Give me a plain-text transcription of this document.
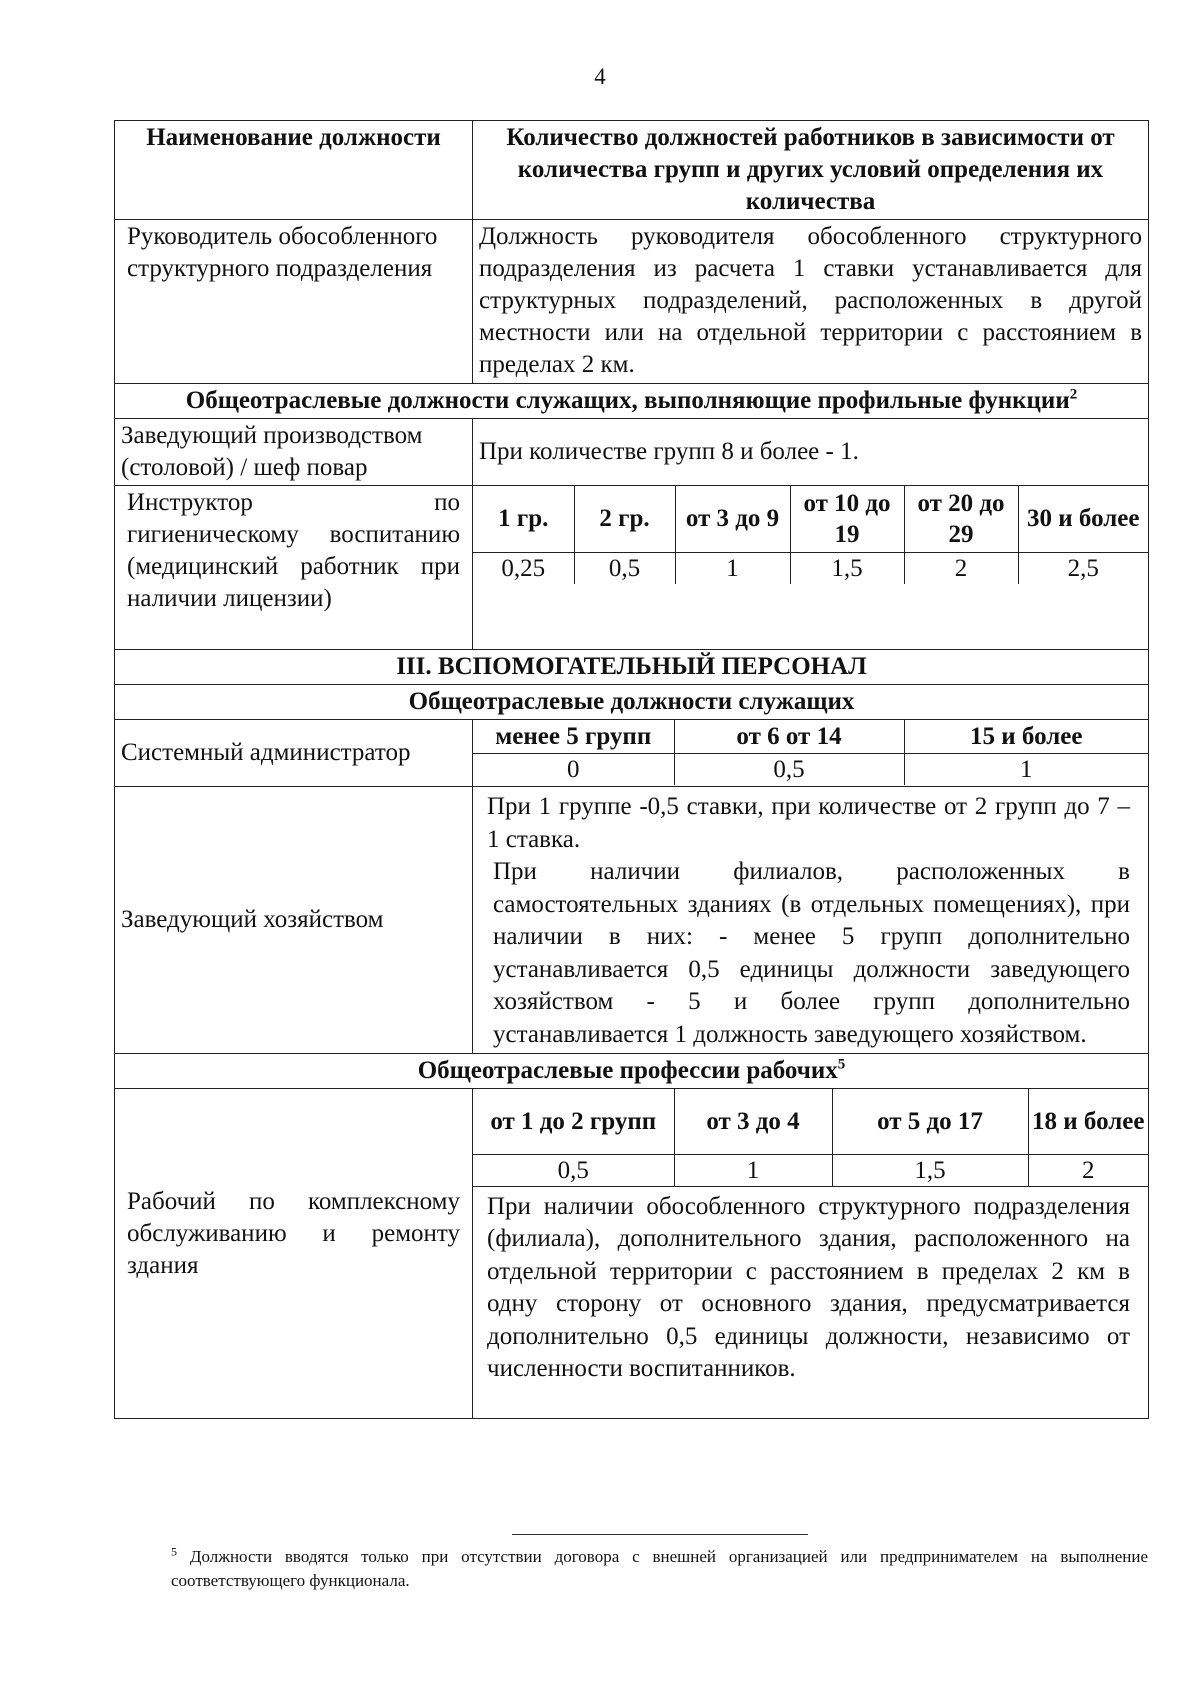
4
Наименование должности	Количество должностей работников в зависимости от количества групп и других условий определения их количества
Руководитель обособленного структурного подразделения	Должность руководителя обособленного структурного подразделения из расчета 1 ставки устанавливается для структурных подразделений, расположенных в другой местности или на отдельной территории с расстоянием в пределах 2 км.
Общеотраслевые должности служащих, выполняющие профильные функции$^2$
Заведующий производством (столовой) / шеф повар	При количестве групп 8 и более - 1.
Инструктор по гигиеническому воспитанию (медицинский работник при наличии лицензии)	
1 гр.	2 гр.	от 3 до 9	от 10 до 19	от 20 до 29	30 и более
0,25	0,5	1	1,5	2	2,5

III. ВСПОМОГАТЕЛЬНЫЙ ПЕРСОНАЛ
Общеотраслевые должности служащих
Системный администратор	
менее 5 групп	от 6 от 14	15 и более
0	0,5	1

Заведующий хозяйством	

При 1 группе -0,5 ставки, при количестве от 2 групп до 7 – 1 ставка.

При наличии филиалов, расположенных в самостоятельных зданиях (в отдельных помещениях), при наличии в них: - менее 5 групп дополнительно устанавливается 0,5 единицы должности заведующего хозяйством - 5 и более групп дополнительно устанавливается 1 должность заведующего хозяйством.

Общеотраслевые профессии рабочих$^5$
Рабочий по комплексному обслуживанию и ремонту здания	
от 1 до 2 групп	от 3 до 4	от 5 до 17	18 и более
0,5	1	1,5	2
При наличии обособленного структурного подразделения (филиала), дополнительного здания, расположенного на отдельной территории с расстоянием в пределах 2 км в одну сторону от основного здания, предусматривается дополнительно 0,5 единицы должности, независимо от численности воспитанников.
$^5$ Должности вводятся только при отсутствии договора с внешней организацией или предпринимателем на выполнение соответствующего функционала.
